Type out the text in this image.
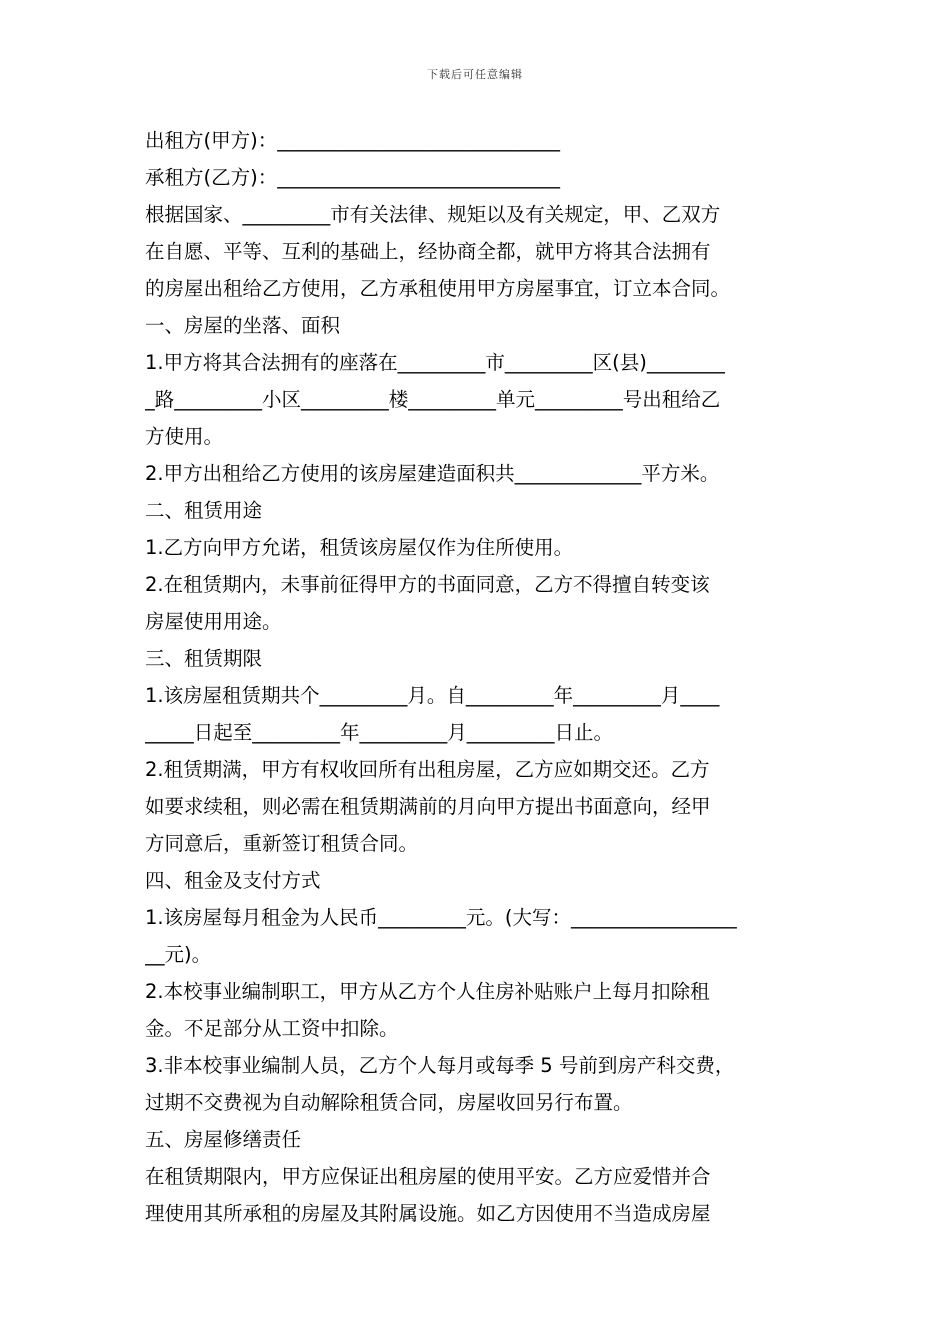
下载后可任意编辑
出租方(甲方)：_____________________________
承租方(乙方)：_____________________________
根据国家、_________市有关法律、规矩以及有关规定，甲、乙双方
在自愿、平等、互利的基础上，经协商全都，就甲方将其合法拥有
的房屋出租给乙方使用，乙方承租使用甲方房屋事宜，订立本合同。
一、房屋的坐落、面积
1.甲方将其合法拥有的座落在_________市_________区(县)________
_路_________小区_________楼_________单元_________号出租给乙
方使用。
2.甲方出租给乙方使用的该房屋建造面积共_____________平方米。
二、租赁用途
1.乙方向甲方允诺，租赁该房屋仅作为住所使用。
2.在租赁期内，未事前征得甲方的书面同意，乙方不得擅自转变该
房屋使用用途。
三、租赁期限
1.该房屋租赁期共个_________月。自_________年_________月____
_____日起至_________年_________月_________日止。
2.租赁期满，甲方有权收回所有出租房屋，乙方应如期交还。乙方
如要求续租，则必需在租赁期满前的月向甲方提出书面意向，经甲
方同意后，重新签订租赁合同。
四、租金及支付方式
1.该房屋每月租金为人民币_________元。(大写：_________________
__元)。
2.本校事业编制职工，甲方从乙方个人住房补贴账户上每月扣除租
金。不足部分从工资中扣除。
3.非本校事业编制人员，乙方个人每月或每季 5 号前到房产科交费，
过期不交费视为自动解除租赁合同，房屋收回另行布置。
五、房屋修缮责任
在租赁期限内，甲方应保证出租房屋的使用平安。乙方应爱惜并合
理使用其所承租的房屋及其附属设施。如乙方因使用不当造成房屋
